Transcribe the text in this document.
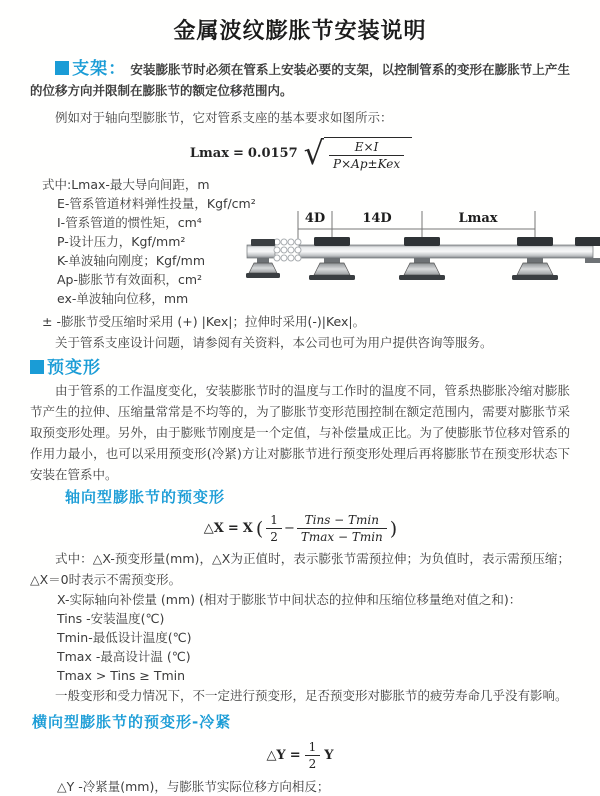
金属波纹膨胀节安装说明

支架： 安装膨胀节时必须在管系上安装必要的支架，以控制管系的变形在膨胀节上产生的位移方向并限制在膨胀节的额定位移范围内。

例如对于轴向型膨胀节，它对管系支座的基本要求如图所示：

Lmax = 0.0157 √ $\frac{E\times I}{\text{P×Ap±Kex}}$
式中:Lmax-最大导向间距，m
E-管系管道材料弹性投量，Kgf/cm²
I-管系管道的惯性矩，cm⁴
P-设计压力，Kgf/mm²
K-单波轴向刚度；Kgf/mm
Ap-膨胀节有效面积，cm²
ex-单波轴向位移，mm
4D	14D	Lmax

± -膨胀节受压缩时采用 (+) |Kex|；拉伸时采用(-)|Kex|。

关于管系支座设计问题，请参阅有关资料，本公司也可为用户提供咨询等服务。

预变形

由于管系的工作温度变化，安装膨胀节时的温度与工作时的温度不同，管系热膨胀冷缩对膨胀节产生的拉伸、压缩量常常是不均等的，为了膨胀节变形范围控制在额定范围内，需要对膨胀节采取预变形处理。另外，由于膨账节刚度是一个定值，与补偿量成正比。为了使膨胀节位移对管系的作用力最小，也可以采用预变形(冷紧)方让对膨胀节进行预变形处理后再将膨胀节在预变形状态下安装在管系中。

轴向型膨胀节的预变形
△X = X ( $\frac{1}{2} - \frac{\text{Tins − Tmin}}{Tmax - Tmin}$ )

式中：△X-预变形量(mm)，△X为正值时，表示膨张节需预拉伸；为负值时，表示需预压缩；△X＝0时表示不需预变形。

X-实际轴向补偿量 (mm) (相对于膨胀节中间状态的拉伸和压缩位移量绝对值之和)：

Tins -安装温度(℃)

Tmin-最低设计温度(℃)

Tmax -最高设计温 (℃)

Tmax > Tins ≥ Tmin

一般变形和受力情况下，不一定进行预变形，足否预变形对膨胀节的疲劳寿命几乎没有影响。

横向型膨胀节的预变形-冷紧
△Y = $\frac{1}{2}$ Y

△Y -冷紧量(mm)，与膨胀节实际位移方向相反；
